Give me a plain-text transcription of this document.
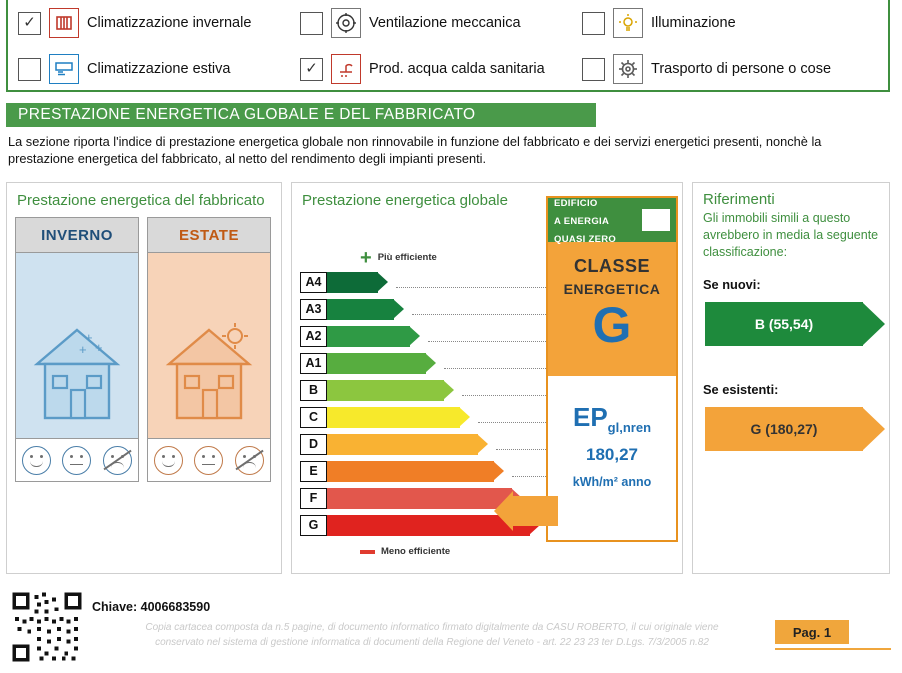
✓	Climatizzazione invernale	Ventilazione meccanica	Illuminazione
Climatizzazione estiva	✓	Prod. acqua calda sanitaria	Trasporto di persone o cose
PRESTAZIONE ENERGETICA GLOBALE E DEL FABBRICATO
La sezione riporta l'indice di prestazione energetica globale non rinnovabile in funzione del fabbricato e dei servizi energetici presenti, nonchè la prestazione energetica del fabbricato, al netto del rendimento degli impianti presenti.
Prestazione energetica del fabbricato
INVERNO
+
+
+
ESTATE
Prestazione energetica globale
+ Più efficiente
A4
A3
A2
A1
B
C
D
E
F
G
Meno efficiente
EDIFICIO
A ENERGIA
QUASI ZERO
CLASSE
ENERGETICA
G
$EP_{gl,nren}$
180,27
kWh/m² anno
Riferimenti
Gli immobili simili a questo avrebbero in media la seguente classificazione:
Se nuovi:
B (55,54)
Se esistenti:
G (180,27)
Chiave: 4006683590
Copia cartacea composta da n.5 pagine, di documento informatico firmato digitalmente da CASU ROBERTO, il cui originale viene
conservato nel sistema di gestione informatica di documenti della Regione del Veneto - art. 22 23 23 ter D.Lgs. 7/3/2005 n.82
Pag. 1
